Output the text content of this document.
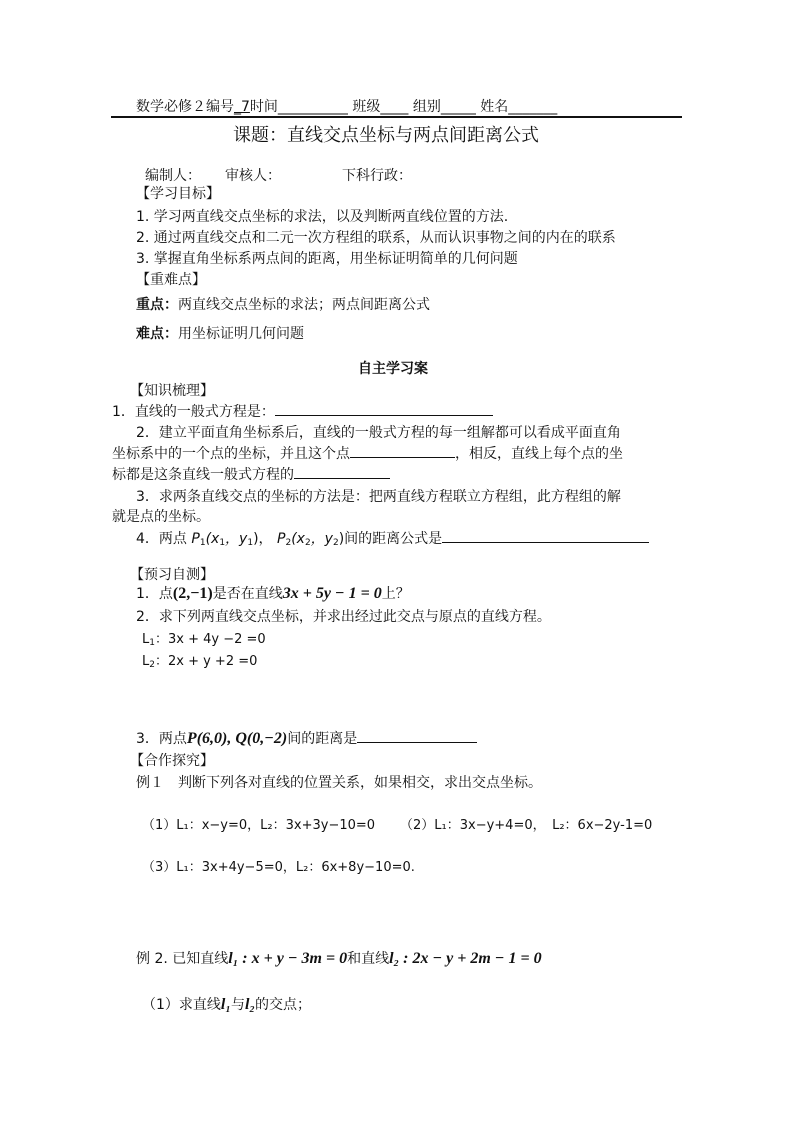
数学必修２编号_7时间__________ 班级____ 组别_____ 姓名_______
课题：直线交点坐标与两点间距离公式
编制人： 审核人：	下科行政：
【学习目标】
1. 学习两直线交点坐标的求法，以及判断两直线位置的方法.
2. 通过两直线交点和二元一次方程组的联系，从而认识事物之间的内在的联系
3. 掌握直角坐标系两点间的距离，用坐标证明简单的几何问题
【重难点】
重点：两直线交点坐标的求法；两点间距离公式
难点：用坐标证明几何问题
自主学习案
【知识梳理】
1．直线的一般式方程是：
2．建立平面直角坐标系后，直线的一般式方程的每一组解都可以看成平面直角
坐标系中的一个点的坐标，并且这个点	，相反，直线上每个点的坐
标都是这条直线一般式方程的
3．求两条直线交点的坐标的方法是：把两直线方程联立方程组，此方程组的解
就是点的坐标。
4．两点 $P_1(x_1$，$y_1$)， $P_2(x_2$，$y_2$)间的距离公式是
【预习自测】
1．点(2,−1)是否在直线3x + 5y − 1 = 0上？
2．求下列两直线交点坐标，并求出经过此交点与原点的直线方程。
$L_1$：3x + 4y −2 =0
$L_2$：2x + y +2 =0
3．两点P(6,0), Q(0,−2)间的距离是
【合作探究】
例１　判断下列各对直线的位置关系，如果相交，求出交点坐标。
（1）L₁：x−y=0，L₂：3x+3y−10=0 （2）L₁：3x−y+4=0，　L₂：6x−2y-1=0
（3）L₁：3x+4y−5=0，L₂：6x+8y−10=0.
例 2. 已知直线l₁ : x + y − 3m = 0和直线l₂ : 2x − y + 2m − 1 = 0
（1）求直线l₁与l₂的交点；
